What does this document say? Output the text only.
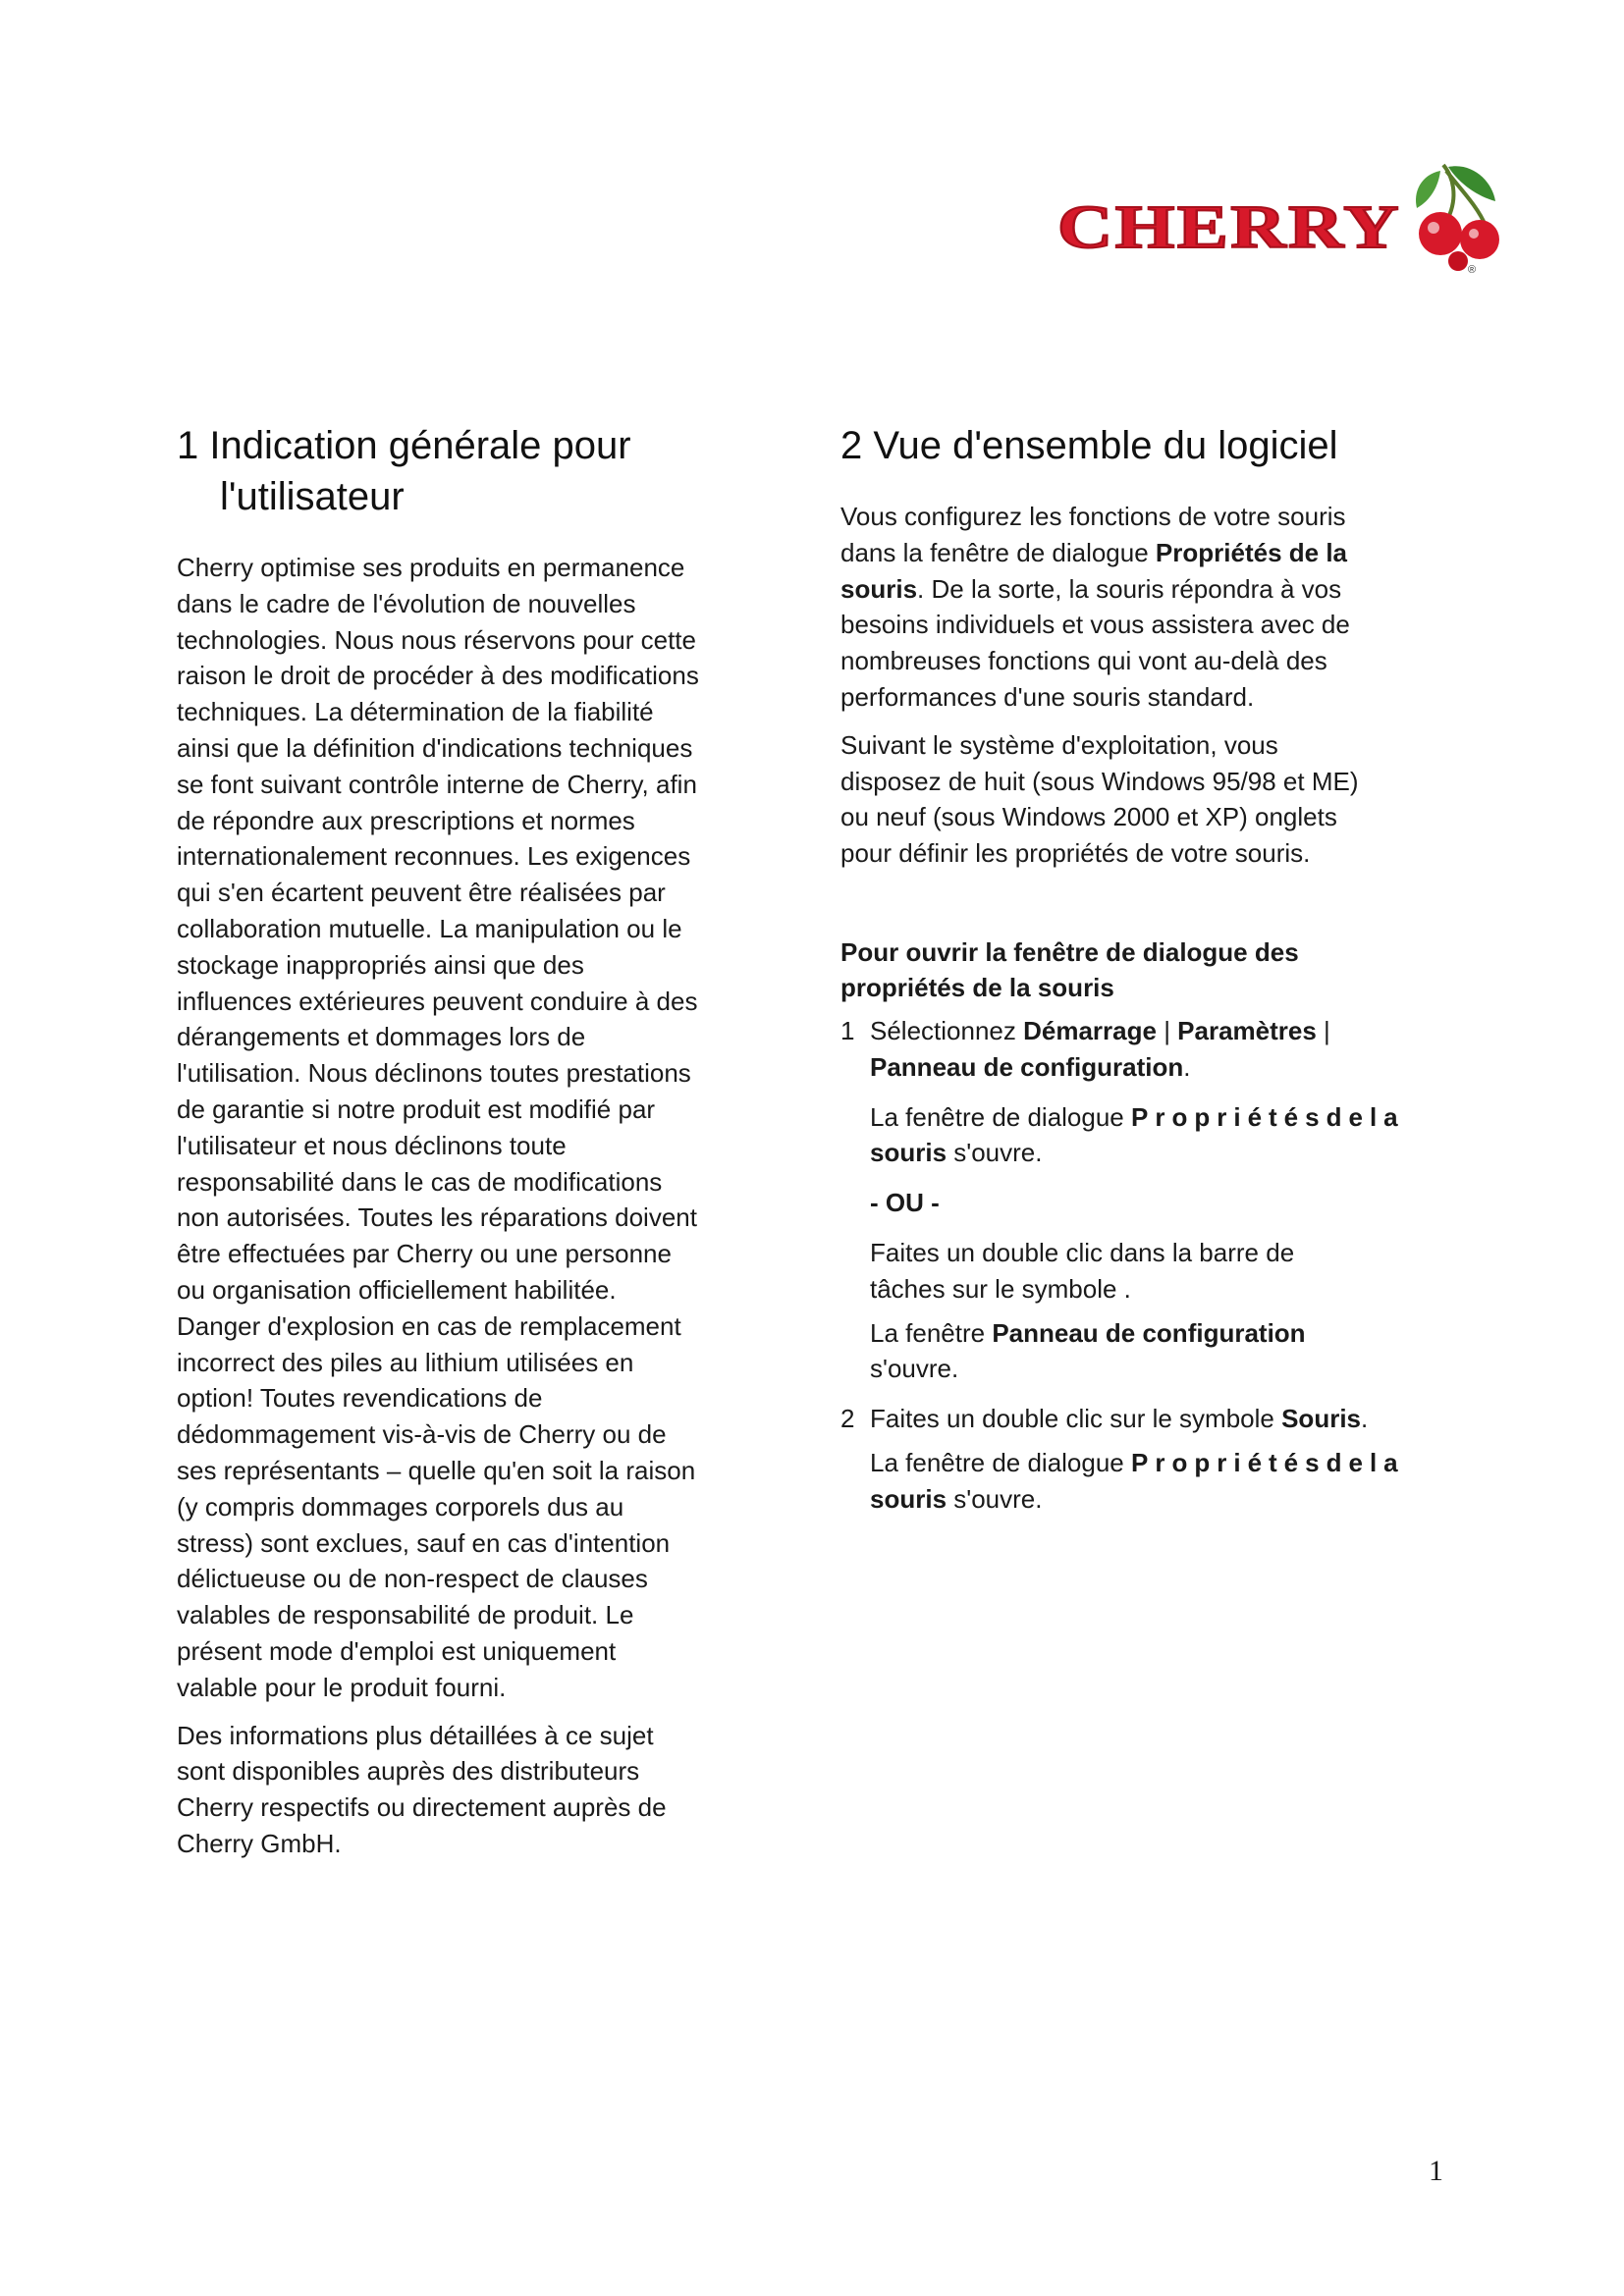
CHERRY
®
1 Indication générale pour
l'utilisateur

Cherry optimise ses produits en permanence
dans le cadre de l'évolution de nouvelles
technologies. Nous nous réservons pour cette
raison le droit de procéder à des modifications
techniques. La détermination de la fiabilité
ainsi que la définition d'indications techniques
se font suivant contrôle interne de Cherry, afin
de répondre aux prescriptions et normes
internationalement reconnues. Les exigences
qui s'en écartent peuvent être réalisées par
collaboration mutuelle. La manipulation ou le
stockage inappropriés ainsi que des
influences extérieures peuvent conduire à des
dérangements et dommages lors de
l'utilisation. Nous déclinons toutes prestations
de garantie si notre produit est modifié par
l'utilisateur et nous déclinons toute
responsabilité dans le cas de modifications
non autorisées. Toutes les réparations doivent
être effectuées par Cherry ou une personne
ou organisation officiellement habilitée.
Danger d'explosion en cas de remplacement
incorrect des piles au lithium utilisées en
option! Toutes revendications de
dédommagement vis-à-vis de Cherry ou de
ses représentants – quelle qu'en soit la raison
(y compris dommages corporels dus au
stress) sont exclues, sauf en cas d'intention
délictueuse ou de non-respect de clauses
valables de responsabilité de produit. Le
présent mode d'emploi est uniquement
valable pour le produit fourni.

Des informations plus détaillées à ce sujet
sont disponibles auprès des distributeurs
Cherry respectifs ou directement auprès de
Cherry GmbH.

2 Vue d'ensemble du logiciel

Vous configurez les fonctions de votre souris
dans la fenêtre de dialogue Propriétés de la
souris. De la sorte, la souris répondra à vos
besoins individuels et vous assistera avec de
nombreuses fonctions qui vont au-delà des
performances d'une souris standard.

Suivant le système d'exploitation, vous
disposez de huit (sous Windows 95/98 et ME)
ou neuf (sous Windows 2000 et XP) onglets
pour définir les propriétés de votre souris.

Pour ouvrir la fenêtre de dialogue des
propriétés de la souris

1 Sélectionnez Démarrage | Paramètres |
Panneau de configuration.

La fenêtre de dialogue Propriétésdela
souris s'ouvre.

- OU -

Faites un double clic dans la barre de
tâches sur le symbole .

La fenêtre Panneau de configuration
s'ouvre.

2 Faites un double clic sur le symbole Souris.

La fenêtre de dialogue Propriétésdela
souris s'ouvre.

1
